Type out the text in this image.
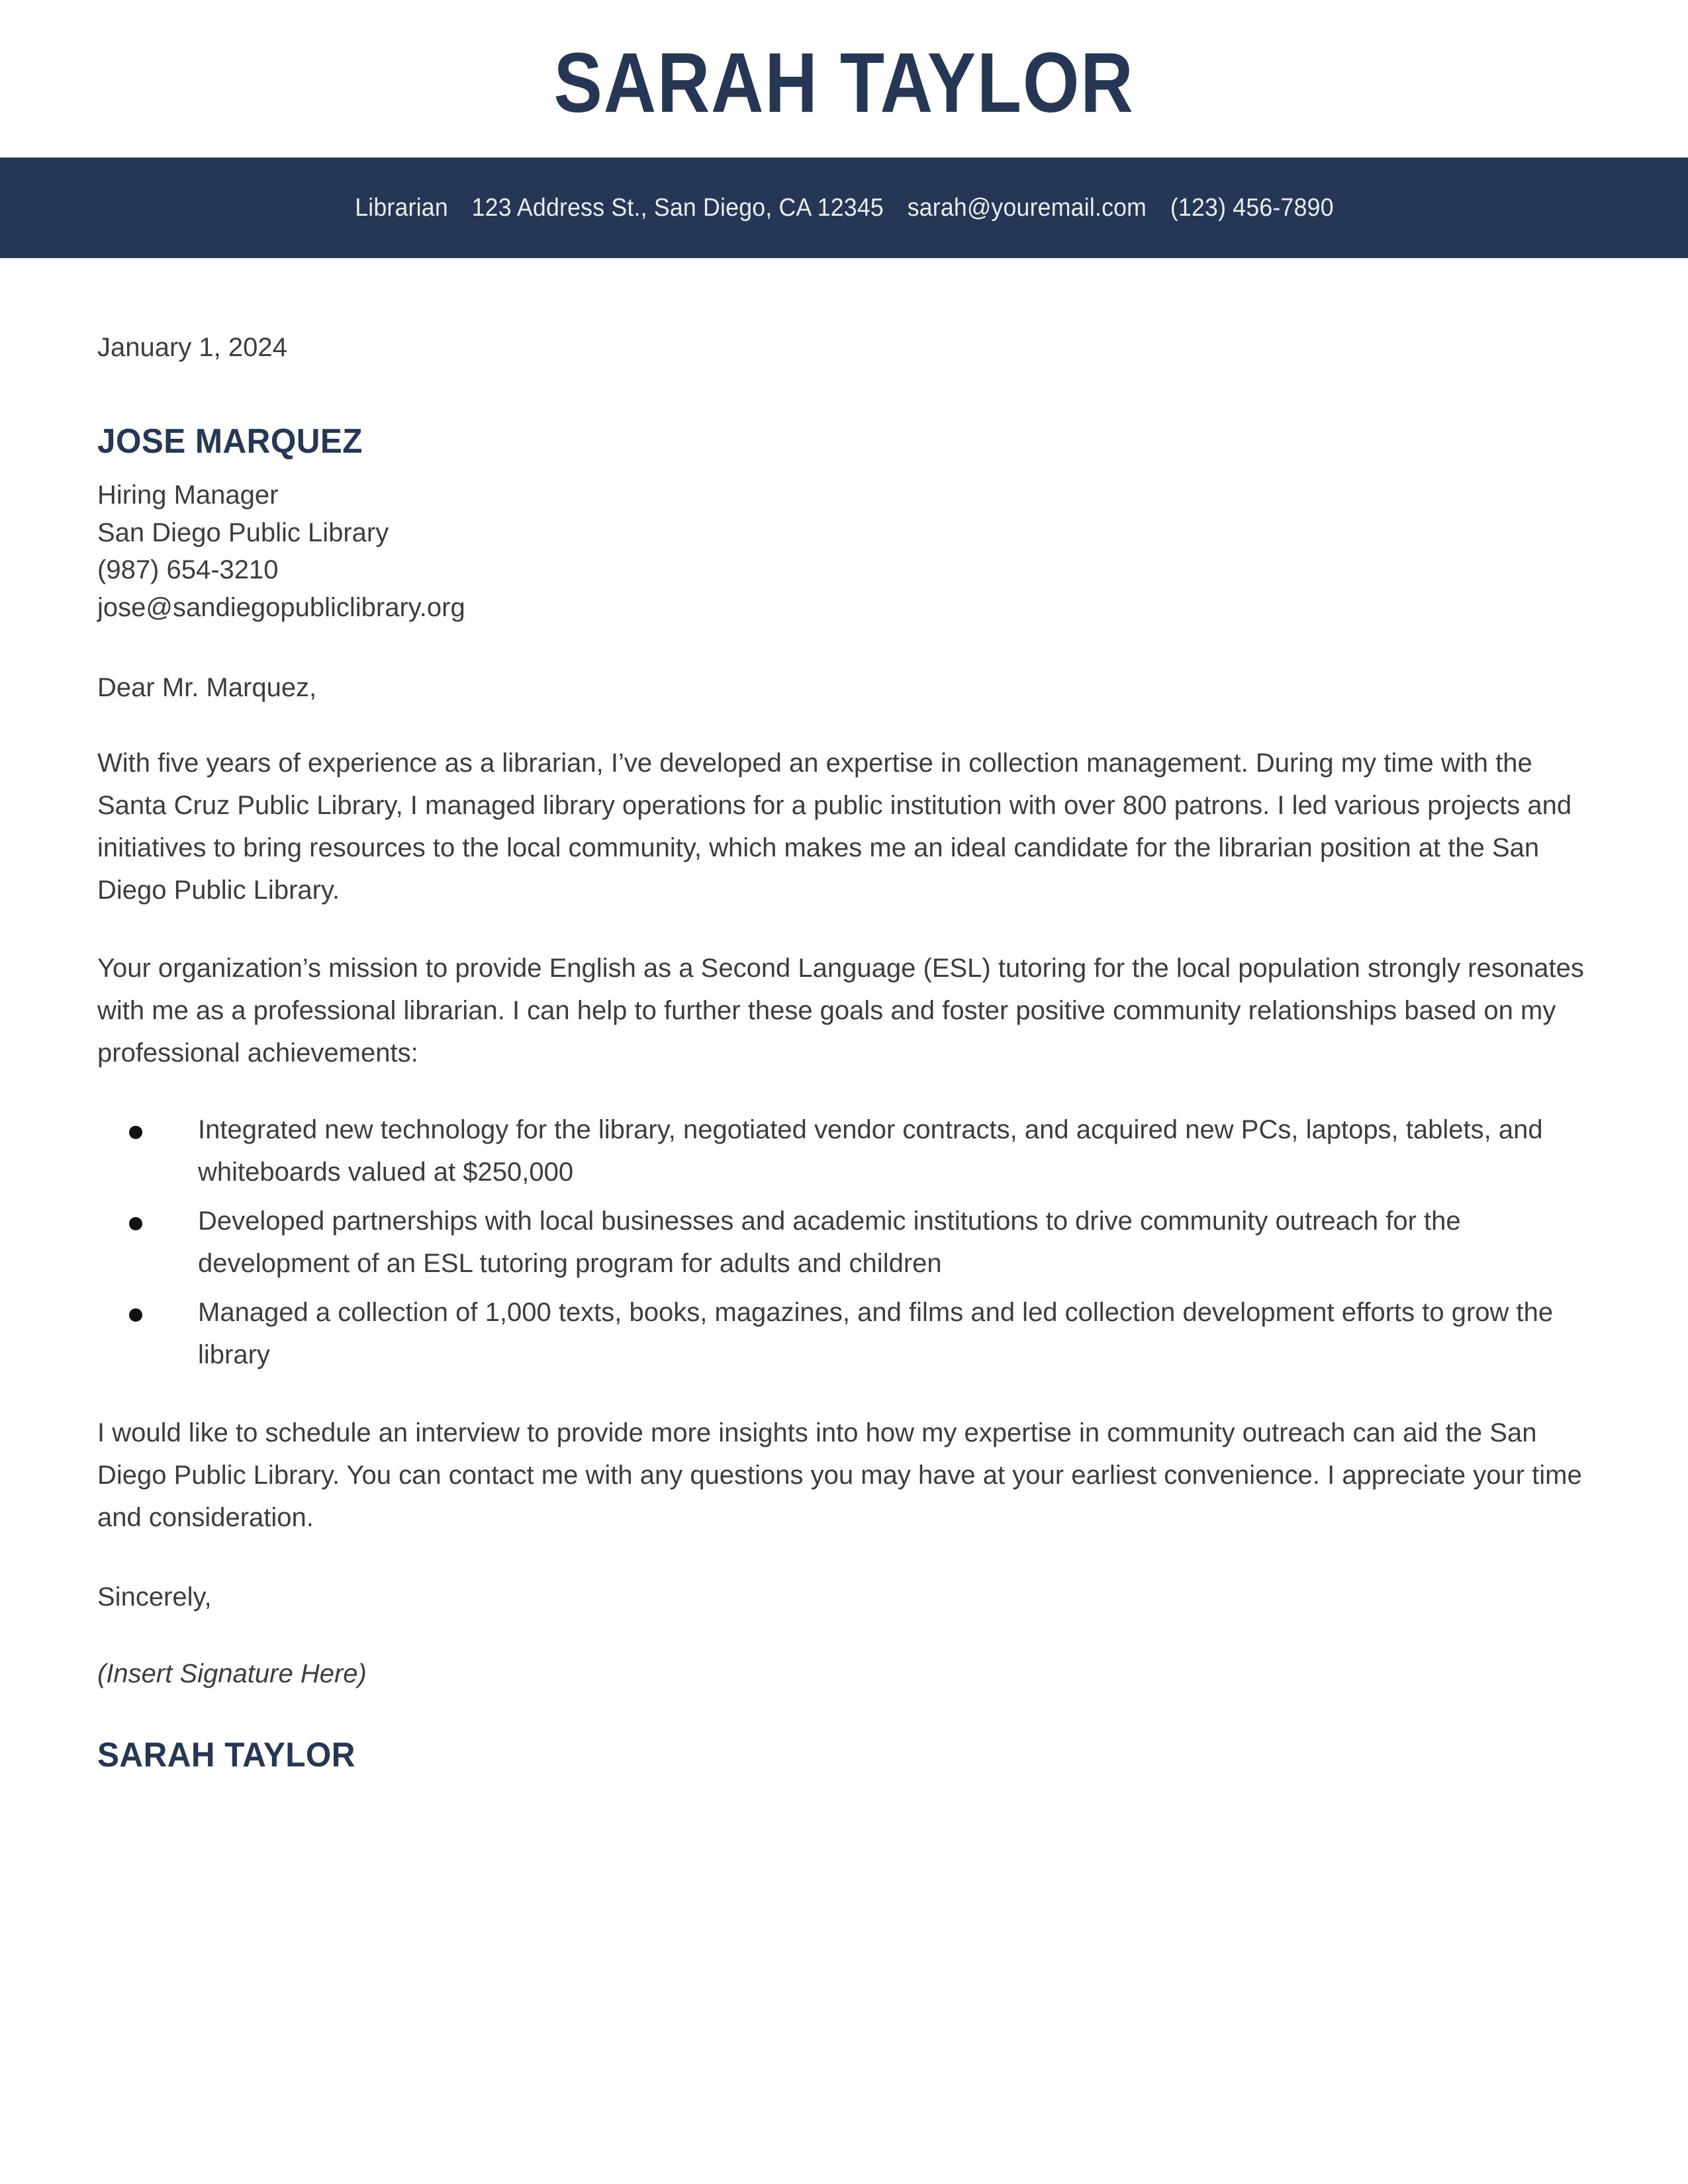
SARAH TAYLOR
Librarian 123 Address St., San Diego, CA 12345 sarah@youremail.com (123) 456-7890
January 1, 2024
JOSE MARQUEZ
Hiring Manager
San Diego Public Library
(987) 654-3210
jose@sandiegopubliclibrary.org
Dear Mr. Marquez,

With five years of experience as a librarian, I’ve developed an expertise in collection management. During my time with the Santa Cruz Public Library, I managed library operations for a public institution with over 800 patrons. I led various projects and initiatives to bring resources to the local community, which makes me an ideal candidate for the librarian position at the San Diego Public Library.

Your organization’s mission to provide English as a Second Language (ESL) tutoring for the local population strongly resonates with me as a professional librarian. I can help to further these goals and foster positive community relationships based on my professional achievements:

Integrated new technology for the library, negotiated vendor contracts, and acquired new PCs, laptops, tablets, and whiteboards valued at $250,000
Developed partnerships with local businesses and academic institutions to drive community outreach for the development of an ESL tutoring program for adults and children
Managed a collection of 1,000 texts, books, magazines, and films and led collection development efforts to grow the library

I would like to schedule an interview to provide more insights into how my expertise in community outreach can aid the San Diego Public Library. You can contact me with any questions you may have at your earliest convenience. I appreciate your time and consideration.

Sincerely,
(Insert Signature Here)
SARAH TAYLOR
